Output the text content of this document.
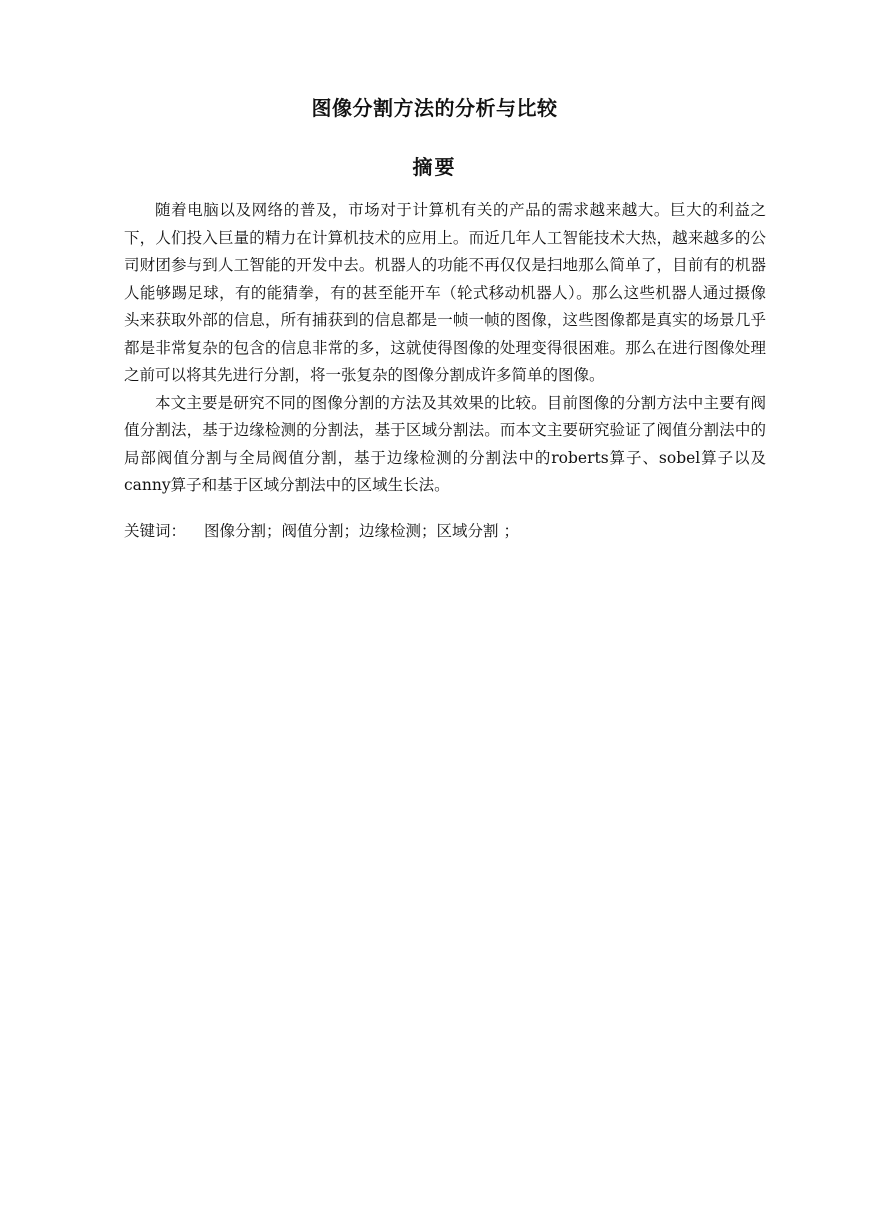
图像分割方法的分析与比较
摘要

随着电脑以及网络的普及，市场对于计算机有关的产品的需求越来越大。巨大的利益之下，人们投入巨量的精力在计算机技术的应用上。而近几年人工智能技术大热，越来越多的公司财团参与到人工智能的开发中去。机器人的功能不再仅仅是扫地那么简单了，目前有的机器人能够踢足球，有的能猜拳，有的甚至能开车（轮式移动机器人）。那么这些机器人通过摄像头来获取外部的信息，所有捕获到的信息都是一帧一帧的图像，这些图像都是真实的场景几乎都是非常复杂的包含的信息非常的多，这就使得图像的处理变得很困难。那么在进行图像处理之前可以将其先进行分割，将一张复杂的图像分割成许多简单的图像。

本文主要是研究不同的图像分割的方法及其效果的比较。目前图像的分割方法中主要有阀值分割法，基于边缘检测的分割法，基于区域分割法。而本文主要研究验证了阀值分割法中的局部阀值分割与全局阀值分割，基于边缘检测的分割法中的roberts算子、sobel算子以及canny算子和基于区域分割法中的区域生长法。

关键词： 图像分割；阀值分割；边缘检测；区域分割 ；
